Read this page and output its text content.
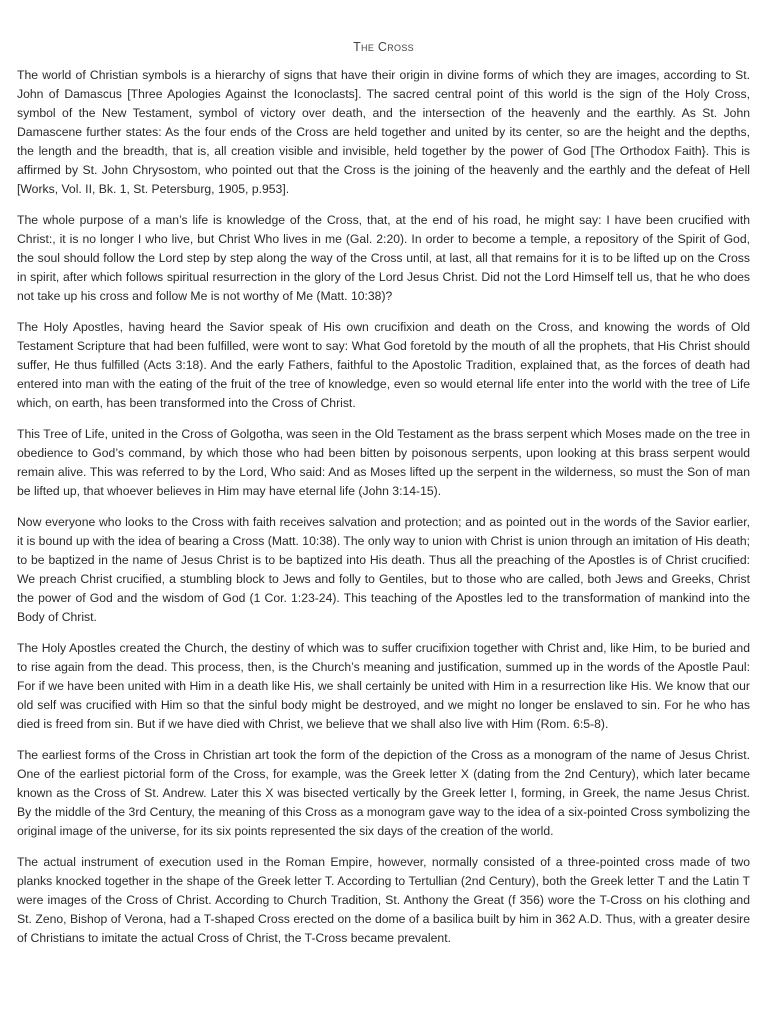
The Cross

The world of Christian symbols is a hierarchy of signs that have their origin in divine forms of which they are images, according to St. John of Damascus [Three Apologies Against the Iconoclasts]. The sacred central point of this world is the sign of the Holy Cross, symbol of the New Testament, symbol of victory over death, and the intersection of the heavenly and the earthly. As St. John Damascene further states: As the four ends of the Cross are held together and united by its center, so are the height and the depths, the length and the breadth, that is, all creation visible and invisible, held together by the power of God [The Orthodox Faith}. This is affirmed by St. John Chrysostom, who pointed out that the Cross is the joining of the heavenly and the earthly and the defeat of Hell [Works, Vol. II, Bk. 1, St. Petersburg, 1905, p.953].

The whole purpose of a man’s life is knowledge of the Cross, that, at the end of his road, he might say: I have been crucified with Christ:, it is no longer I who live, but Christ Who lives in me (Gal. 2:20). In order to become a temple, a repository of the Spirit of God, the soul should follow the Lord step by step along the way of the Cross until, at last, all that remains for it is to be lifted up on the Cross in spirit, after which follows spiritual resurrection in the glory of the Lord Jesus Christ. Did not the Lord Himself tell us, that he who does not take up his cross and follow Me is not worthy of Me (Matt. 10:38)?

The Holy Apostles, having heard the Savior speak of His own crucifixion and death on the Cross, and knowing the words of Old Testament Scripture that had been fulfilled, were wont to say: What God foretold by the mouth of all the prophets, that His Christ should suffer, He thus fulfilled (Acts 3:18). And the early Fathers, faithful to the Apostolic Tradition, explained that, as the forces of death had entered into man with the eating of the fruit of the tree of knowledge, even so would eternal life enter into the world with the tree of Life which, on earth, has been transformed into the Cross of Christ.

This Tree of Life, united in the Cross of Golgotha, was seen in the Old Testament as the brass serpent which Moses made on the tree in obedience to God’s command, by which those who had been bitten by poisonous serpents, upon looking at this brass serpent would remain alive. This was referred to by the Lord, Who said: And as Moses lifted up the serpent in the wilderness, so must the Son of man be lifted up, that whoever believes in Him may have eternal life (John 3:14-15).

Now everyone who looks to the Cross with faith receives salvation and protection; and as pointed out in the words of the Savior earlier, it is bound up with the idea of bearing a Cross (Matt. 10:38). The only way to union with Christ is union through an imitation of His death; to be baptized in the name of Jesus Christ is to be baptized into His death. Thus all the preaching of the Apostles is of Christ crucified: We preach Christ crucified, a stumbling block to Jews and folly to Gentiles, but to those who are called, both Jews and Greeks, Christ the power of God and the wisdom of God (1 Cor. 1:23-24). This teaching of the Apostles led to the transformation of mankind into the Body of Christ.

The Holy Apostles created the Church, the destiny of which was to suffer crucifixion together with Christ and, like Him, to be buried and to rise again from the dead. This process, then, is the Church’s meaning and justification, summed up in the words of the Apostle Paul: For if we have been united with Him in a death like His, we shall certainly be united with Him in a resurrection like His. We know that our old self was crucified with Him so that the sinful body might be destroyed, and we might no longer be enslaved to sin. For he who has died is freed from sin. But if we have died with Christ, we believe that we shall also live with Him (Rom. 6:5-8).

The earliest forms of the Cross in Christian art took the form of the depiction of the Cross as a monogram of the name of Jesus Christ. One of the earliest pictorial form of the Cross, for example, was the Greek letter X (dating from the 2nd Century), which later became known as the Cross of St. Andrew. Later this X was bisected vertically by the Greek letter I, forming, in Greek, the name Jesus Christ. By the middle of the 3rd Century, the meaning of this Cross as a monogram gave way to the idea of a six-pointed Cross symbolizing the original image of the universe, for its six points represented the six days of the creation of the world.

The actual instrument of execution used in the Roman Empire, however, normally consisted of a three-pointed cross made of two planks knocked together in the shape of the Greek letter T. According to Tertullian (2nd Century), both the Greek letter T and the Latin T were images of the Cross of Christ. According to Church Tradition, St. Anthony the Great (f 356) wore the T-Cross on his clothing and St. Zeno, Bishop of Verona, had a T-shaped Cross erected on the dome of a basilica built by him in 362 A.D. Thus, with a greater desire of Christians to imitate the actual Cross of Christ, the T-Cross became prevalent.
